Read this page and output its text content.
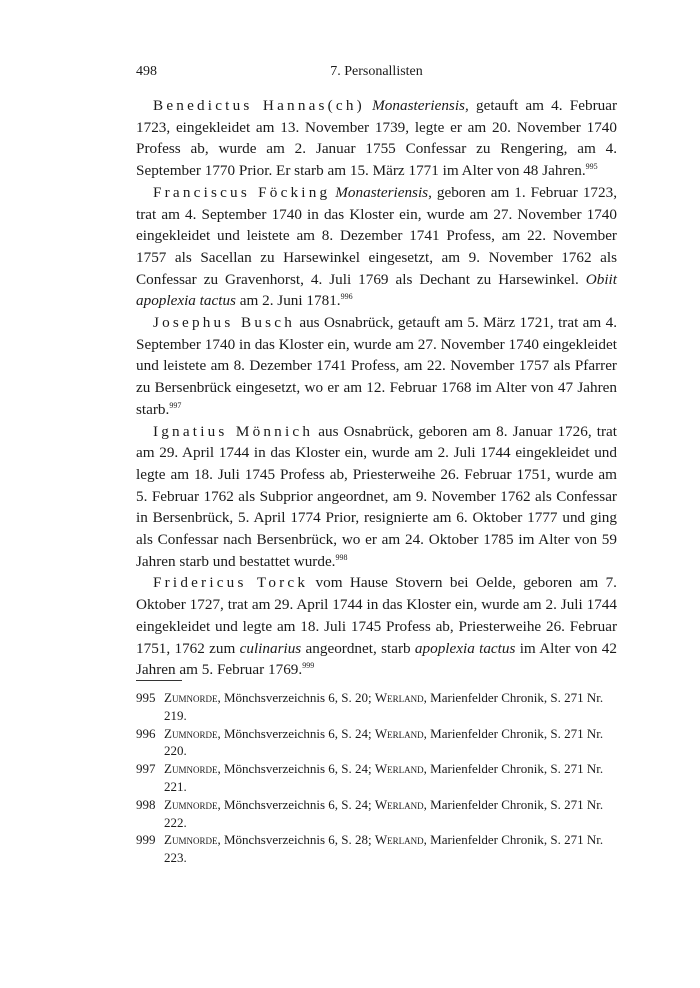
498	7. Personallisten

Benedictus Hannas(ch) Monasteriensis, getauft am 4. Februar 1723, eingekleidet am 13. November 1739, legte er am 20. November 1740 Profess ab, wurde am 2. Januar 1755 Confessar zu Rengering, am 4. September 1770 Prior. Er starb am 15. März 1771 im Alter von 48 Jahren.$^{995}$

Franciscus Föcking Monasteriensis, geboren am 1. Februar 1723, trat am 4. September 1740 in das Kloster ein, wurde am 27. November 1740 eingekleidet und leistete am 8. Dezember 1741 Profess, am 22. November 1757 als Sacellan zu Harsewinkel eingesetzt, am 9. November 1762 als Confessar zu Gravenhorst, 4. Juli 1769 als Dechant zu Harsewinkel. Obiit apoplexia tactus am 2. Juni 1781.$^{996}$

Josephus Busch aus Osnabrück, getauft am 5. März 1721, trat am 4. September 1740 in das Kloster ein, wurde am 27. November 1740 eingekleidet und leistete am 8. Dezember 1741 Profess, am 22. November 1757 als Pfarrer zu Bersenbrück eingesetzt, wo er am 12. Februar 1768 im Alter von 47 Jahren starb.$^{997}$

Ignatius Mönnich aus Osnabrück, geboren am 8. Januar 1726, trat am 29. April 1744 in das Kloster ein, wurde am 2. Juli 1744 eingekleidet und legte am 18. Juli 1745 Profess ab, Priesterweihe 26. Februar 1751, wurde am 5. Februar 1762 als Subprior angeordnet, am 9. November 1762 als Confessar in Bersenbrück, 5. April 1774 Prior, resignierte am 6. Oktober 1777 und ging als Confessar nach Bersenbrück, wo er am 24. Oktober 1785 im Alter von 59 Jahren starb und bestattet wurde.$^{998}$

Fridericus Torck vom Hause Stovern bei Oelde, geboren am 7. Oktober 1727, trat am 29. April 1744 in das Kloster ein, wurde am 2. Juli 1744 eingekleidet und legte am 18. Juli 1745 Profess ab, Priesterweihe 26. Februar 1751, 1762 zum culinarius angeordnet, starb apoplexia tactus im Alter von 42 Jahren am 5. Februar 1769.$^{999}$

995 Zumnorde, Mönchsverzeichnis 6, S. 20; Werland, Marienfelder Chronik, S. 271 Nr. 219.
996 Zumnorde, Mönchsverzeichnis 6, S. 24; Werland, Marienfelder Chronik, S. 271 Nr. 220.
997 Zumnorde, Mönchsverzeichnis 6, S. 24; Werland, Marienfelder Chronik, S. 271 Nr. 221.
998 Zumnorde, Mönchsverzeichnis 6, S. 24; Werland, Marienfelder Chronik, S. 271 Nr. 222.
999 Zumnorde, Mönchsverzeichnis 6, S. 28; Werland, Marienfelder Chronik, S. 271 Nr. 223.
